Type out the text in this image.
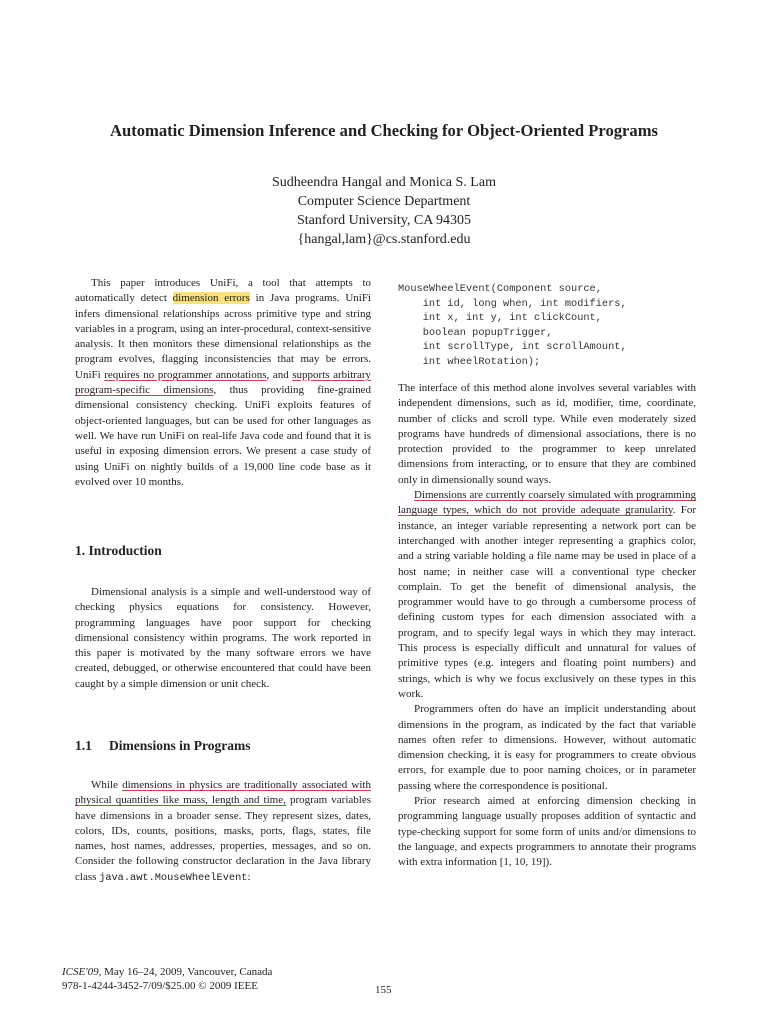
Automatic Dimension Inference and Checking for Object-Oriented Programs
Sudheendra Hangal and Monica S. Lam
Computer Science Department
Stanford University, CA 94305
{hangal,lam}@cs.stanford.edu

This paper introduces UniFi, a tool that attempts to automatically detect dimension errors in Java programs. UniFi infers dimensional relationships across primitive type and string variables in a program, using an inter-procedural, context-sensitive analysis. It then monitors these dimensional relationships as the program evolves, flagging inconsistencies that may be errors. UniFi requires no programmer annotations, and supports arbitrary program-specific dimensions, thus providing fine-grained dimensional consistency checking. UniFi exploits features of object-oriented languages, but can be used for other languages as well. We have run UniFi on real-life Java code and found that it is useful in exposing dimension errors. We present a case study of using UniFi on nightly builds of a 19,000 line code base as it evolved over 10 months.

1. Introduction

Dimensional analysis is a simple and well-understood way of checking physics equations for consistency. However, programming languages have poor support for checking dimensional consistency within programs. The work reported in this paper is motivated by the many software errors we have created, debugged, or otherwise encountered that could have been caught by a simple dimension or unit check.

1.1 Dimensions in Programs

While dimensions in physics are traditionally associated with physical quantities like mass, length and time, program variables have dimensions in a broader sense. They represent sizes, dates, colors, IDs, counts, positions, masks, ports, flags, states, file names, host names, addresses, properties, messages, and so on. Consider the following constructor declaration in the Java library class java.awt.MouseWheelEvent:

MouseWheelEvent(Component source,
int id, long when, int modifiers,
int x, int y, int clickCount,
boolean popupTrigger,
int scrollType, int scrollAmount,
int wheelRotation);

The interface of this method alone involves several variables with independent dimensions, such as id, modifier, time, coordinate, number of clicks and scroll type. While even moderately sized programs have hundreds of dimensional associations, there is no protection provided to the programmer to keep unrelated dimensions from interacting, or to ensure that they are combined only in dimensionally sound ways.

Dimensions are currently coarsely simulated with programming language types, which do not provide adequate granularity. For instance, an integer variable representing a network port can be interchanged with another integer representing a graphics color, and a string variable holding a file name may be used in place of a host name; in neither case will a conventional type checker complain. To get the benefit of dimensional analysis, the programmer would have to go through a cumbersome process of defining custom types for each dimension associated with a program, and to specify legal ways in which they may interact. This process is especially difficult and unnatural for values of primitive types (e.g. integers and floating point numbers) and strings, which is why we focus exclusively on these types in this work.

Programmers often do have an implicit understanding about dimensions in the program, as indicated by the fact that variable names often refer to dimensions. However, without automatic dimension checking, it is easy for programmers to create obvious errors, for example due to poor naming choices, or in parameter passing where the correspondence is positional.

Prior research aimed at enforcing dimension checking in programming language usually proposes addition of syntactic and type-checking support for some form of units and/or dimensions to the language, and expects programmers to annotate their programs with extra information [1, 10, 19]).

ICSE'09, May 16–24, 2009, Vancouver, Canada
978-1-4244-3452-7/09/$25.00 © 2009 IEEE	155
